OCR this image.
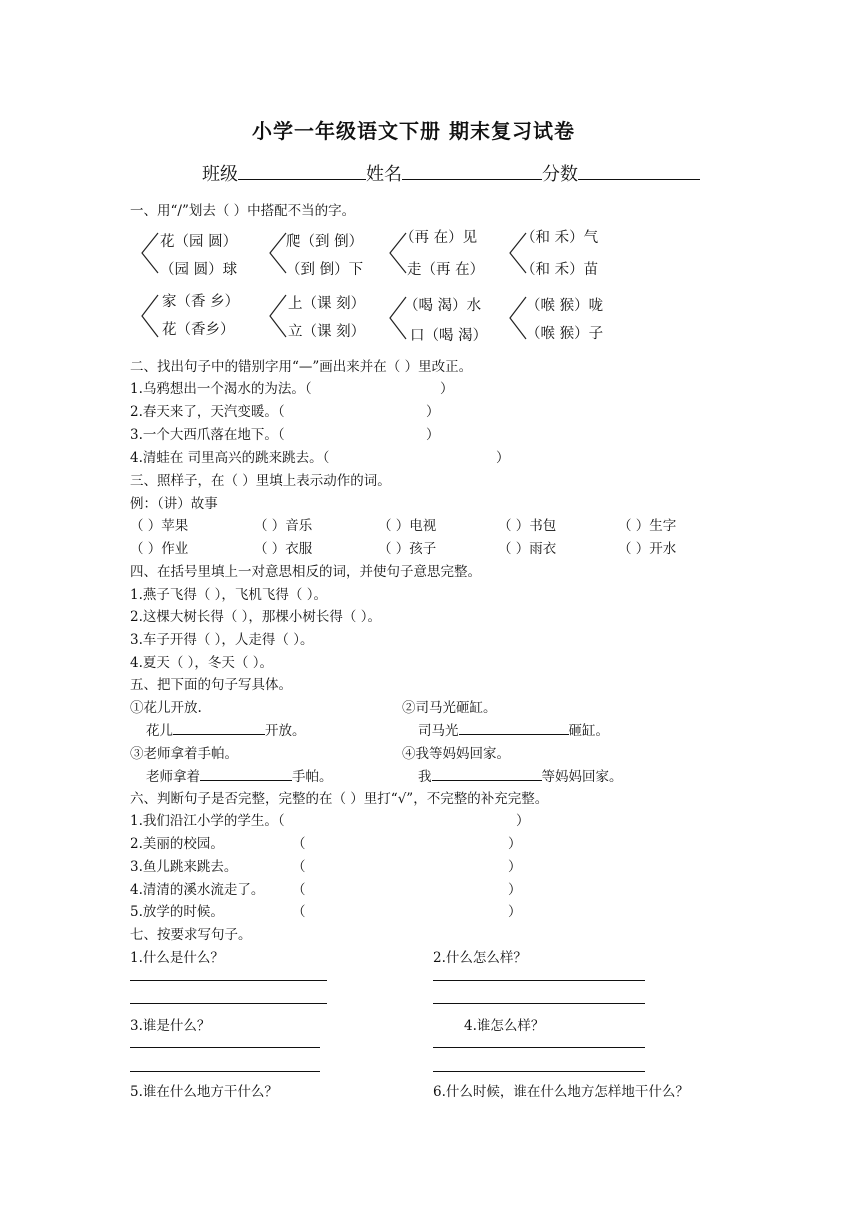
小学一年级语文下册 期末复习试卷
班级	姓名	分数
一、用“/”划去（ ）中搭配不当的字。
花（园 圆）
（园 圆）球
爬（到 倒）
（到 倒）下
（再 在）见
走（再 在）
（和 禾）气
（和 禾）苗
家（香 乡）
花（香乡）
上（课 刻）
立（课 刻）
（喝 渴）水
口（喝 渴）
（喉 猴）咙
（喉 猴）子
二、找出句子中的错别字用“—”画出来并在（ ）里改正。
1.乌鸦想出一个渴水的为法。（	）
2.春天来了，天汽变暖。（	）
3.一个大西爪落在地下。（	）
4.清蛙在 司里高兴的跳来跳去。（	）
三、照样子，在（ ）里填上表示动作的词。
例：（讲）故事
（ ）苹果	（ ）音乐	（ ）电视	（ ）书包	（ ）生字
（ ）作业	（ ）衣服	（ ）孩子	（ ）雨衣	（ ）开水
四、在括号里填上一对意思相反的词，并使句子意思完整。
1.燕子飞得（ ），飞机飞得（ ）。
2.这棵大树长得（ ），那棵小树长得（ ）。
3.车子开得（ ），人走得（ ）。
4.夏天（ ），冬天（ ）。
五、把下面的句子写具体。
①花儿开放.	②司马光砸缸。
花儿	开放。	司马光	砸缸。
③老师拿着手帕。	④我等妈妈回家。
老师拿着	手帕。	我	等妈妈回家。
六、判断句子是否完整，完整的在（ ）里打“√”，不完整的补充完整。
1.我们沿江小学的学生。（	）
2.美丽的校园。	（	）
3.鱼儿跳来跳去。	（	）
4.清清的溪水流走了。 （	）
5.放学的时候。	（	）
七、按要求写句子。
1.什么是什么？	2.什么怎么样？
3.谁是什么？	4.谁怎么样？
5.谁在什么地方干什么？	6.什么时候，谁在什么地方怎样地干什么？
